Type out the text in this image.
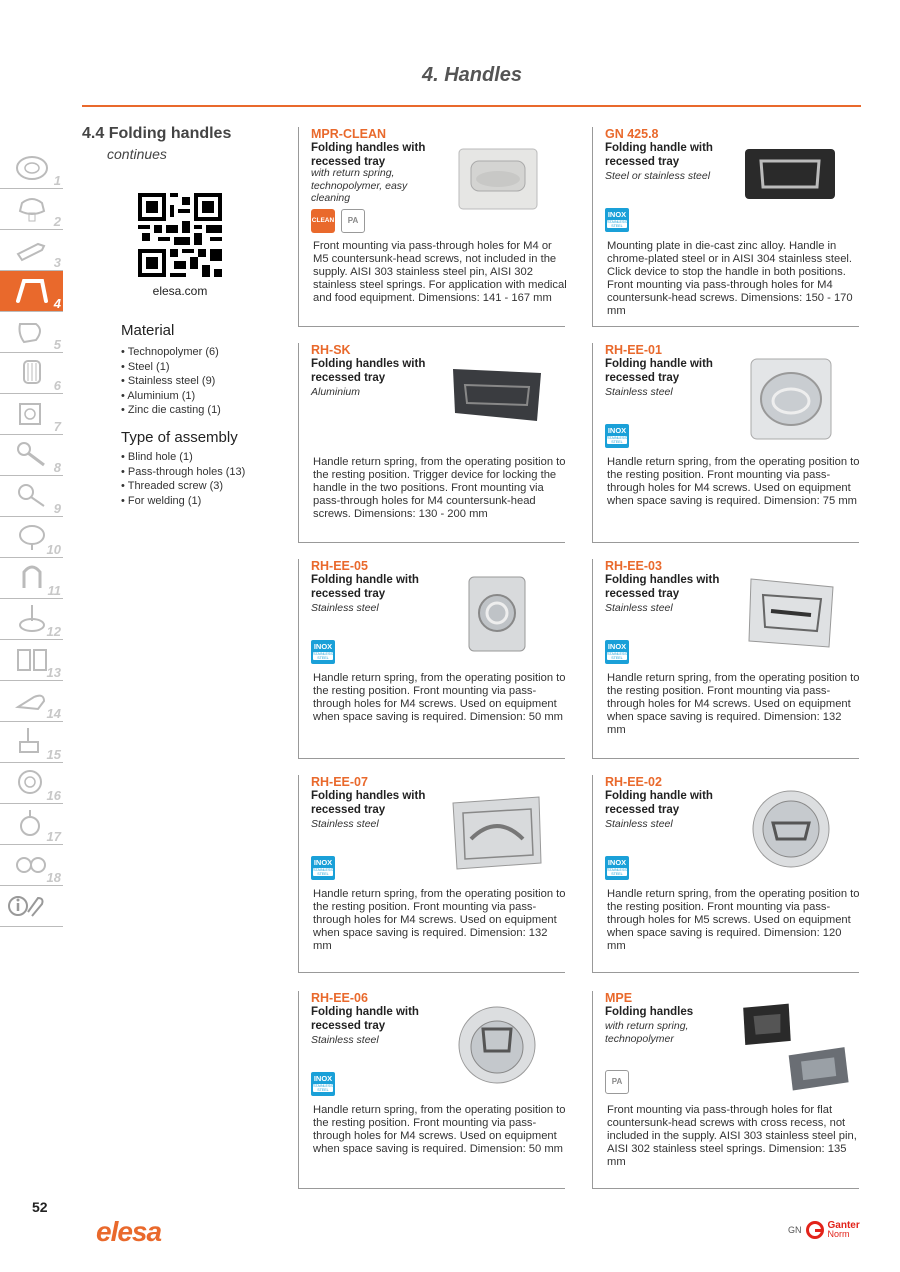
4. Handles
1
2
3
4
5
6
7
8
9
10
11
12
13
14
15
16
17
18
4.4 Folding handles
continues
elesa.com
Material
• Technopolymer (6)
• Steel (1)
• Stainless steel (9)
• Aluminium (1)
• Zinc die casting (1)
Type of assembly
• Blind hole (1)
• Pass-through holes (13)
• Threaded screw (3)
• For welding (1)
MPR-CLEAN
Folding handles with recessed tray
with return spring, technopolymer, easy cleaning
CLEAN	PA
Front mounting via pass-through holes for M4 or M5 countersunk-head screws, not included in the supply. AISI 303 stainless steel pin, AISI 302 stainless steel springs. For application with medical and food equipment. Dimensions: 141 - 167 mm
GN 425.8
Folding handle with recessed tray
Steel or stainless steel
INOX
STAINLESS STEEL
Mounting plate in die-cast zinc alloy. Handle in chrome-plated steel or in AISI 304 stainless steel. Click device to stop the handle in both positions. Front mounting via pass-through holes for M4 countersunk-head screws. Dimensions: 150 - 170 mm
RH-SK
Folding handles with recessed tray
Aluminium
Handle return spring, from the operating position to the resting position. Trigger device for locking the handle in the two positions. Front mounting via pass-through holes for M4 countersunk-head screws. Dimensions: 130 - 200 mm
RH-EE-01
Folding handle with recessed tray
Stainless steel
INOX
STAINLESS STEEL
Handle return spring, from the operating position to the resting position. Front mounting via pass-through holes for M4 screws. Used on equipment when space saving is required. Dimension: 75 mm
RH-EE-05
Folding handle with recessed tray
Stainless steel
INOX
STAINLESS STEEL
Handle return spring, from the operating position to the resting position. Front mounting via pass-through holes for M4 screws. Used on equipment when space saving is required. Dimension: 50 mm
RH-EE-03
Folding handles with recessed tray
Stainless steel
INOX
STAINLESS STEEL
Handle return spring, from the operating position to the resting position. Front mounting via pass-through holes for M4 screws. Used on equipment when space saving is required. Dimension: 132 mm
RH-EE-07
Folding handles with recessed tray
Stainless steel
INOX
STAINLESS STEEL
Handle return spring, from the operating position to the resting position. Front mounting via pass-through holes for M4 screws. Used on equipment when space saving is required. Dimension: 132 mm
RH-EE-02
Folding handle with recessed tray
Stainless steel
INOX
STAINLESS STEEL
Handle return spring, from the operating position to the resting position. Front mounting via pass-through holes for M5 screws. Used on equipment when space saving is required. Dimension: 120 mm
RH-EE-06
Folding handle with recessed tray
Stainless steel
INOX
STAINLESS STEEL
Handle return spring, from the operating position to the resting position. Front mounting via pass-through holes for M4 screws. Used on equipment when space saving is required. Dimension: 50 mm
MPE
Folding handles
with return spring, technopolymer
PA
Front mounting via pass-through holes for flat countersunk-head screws with cross recess, not included in the supply. AISI 303 stainless steel pin, AISI 302 stainless steel springs. Dimension: 135 mm
52
elesa	GN	Ganter
Norm
